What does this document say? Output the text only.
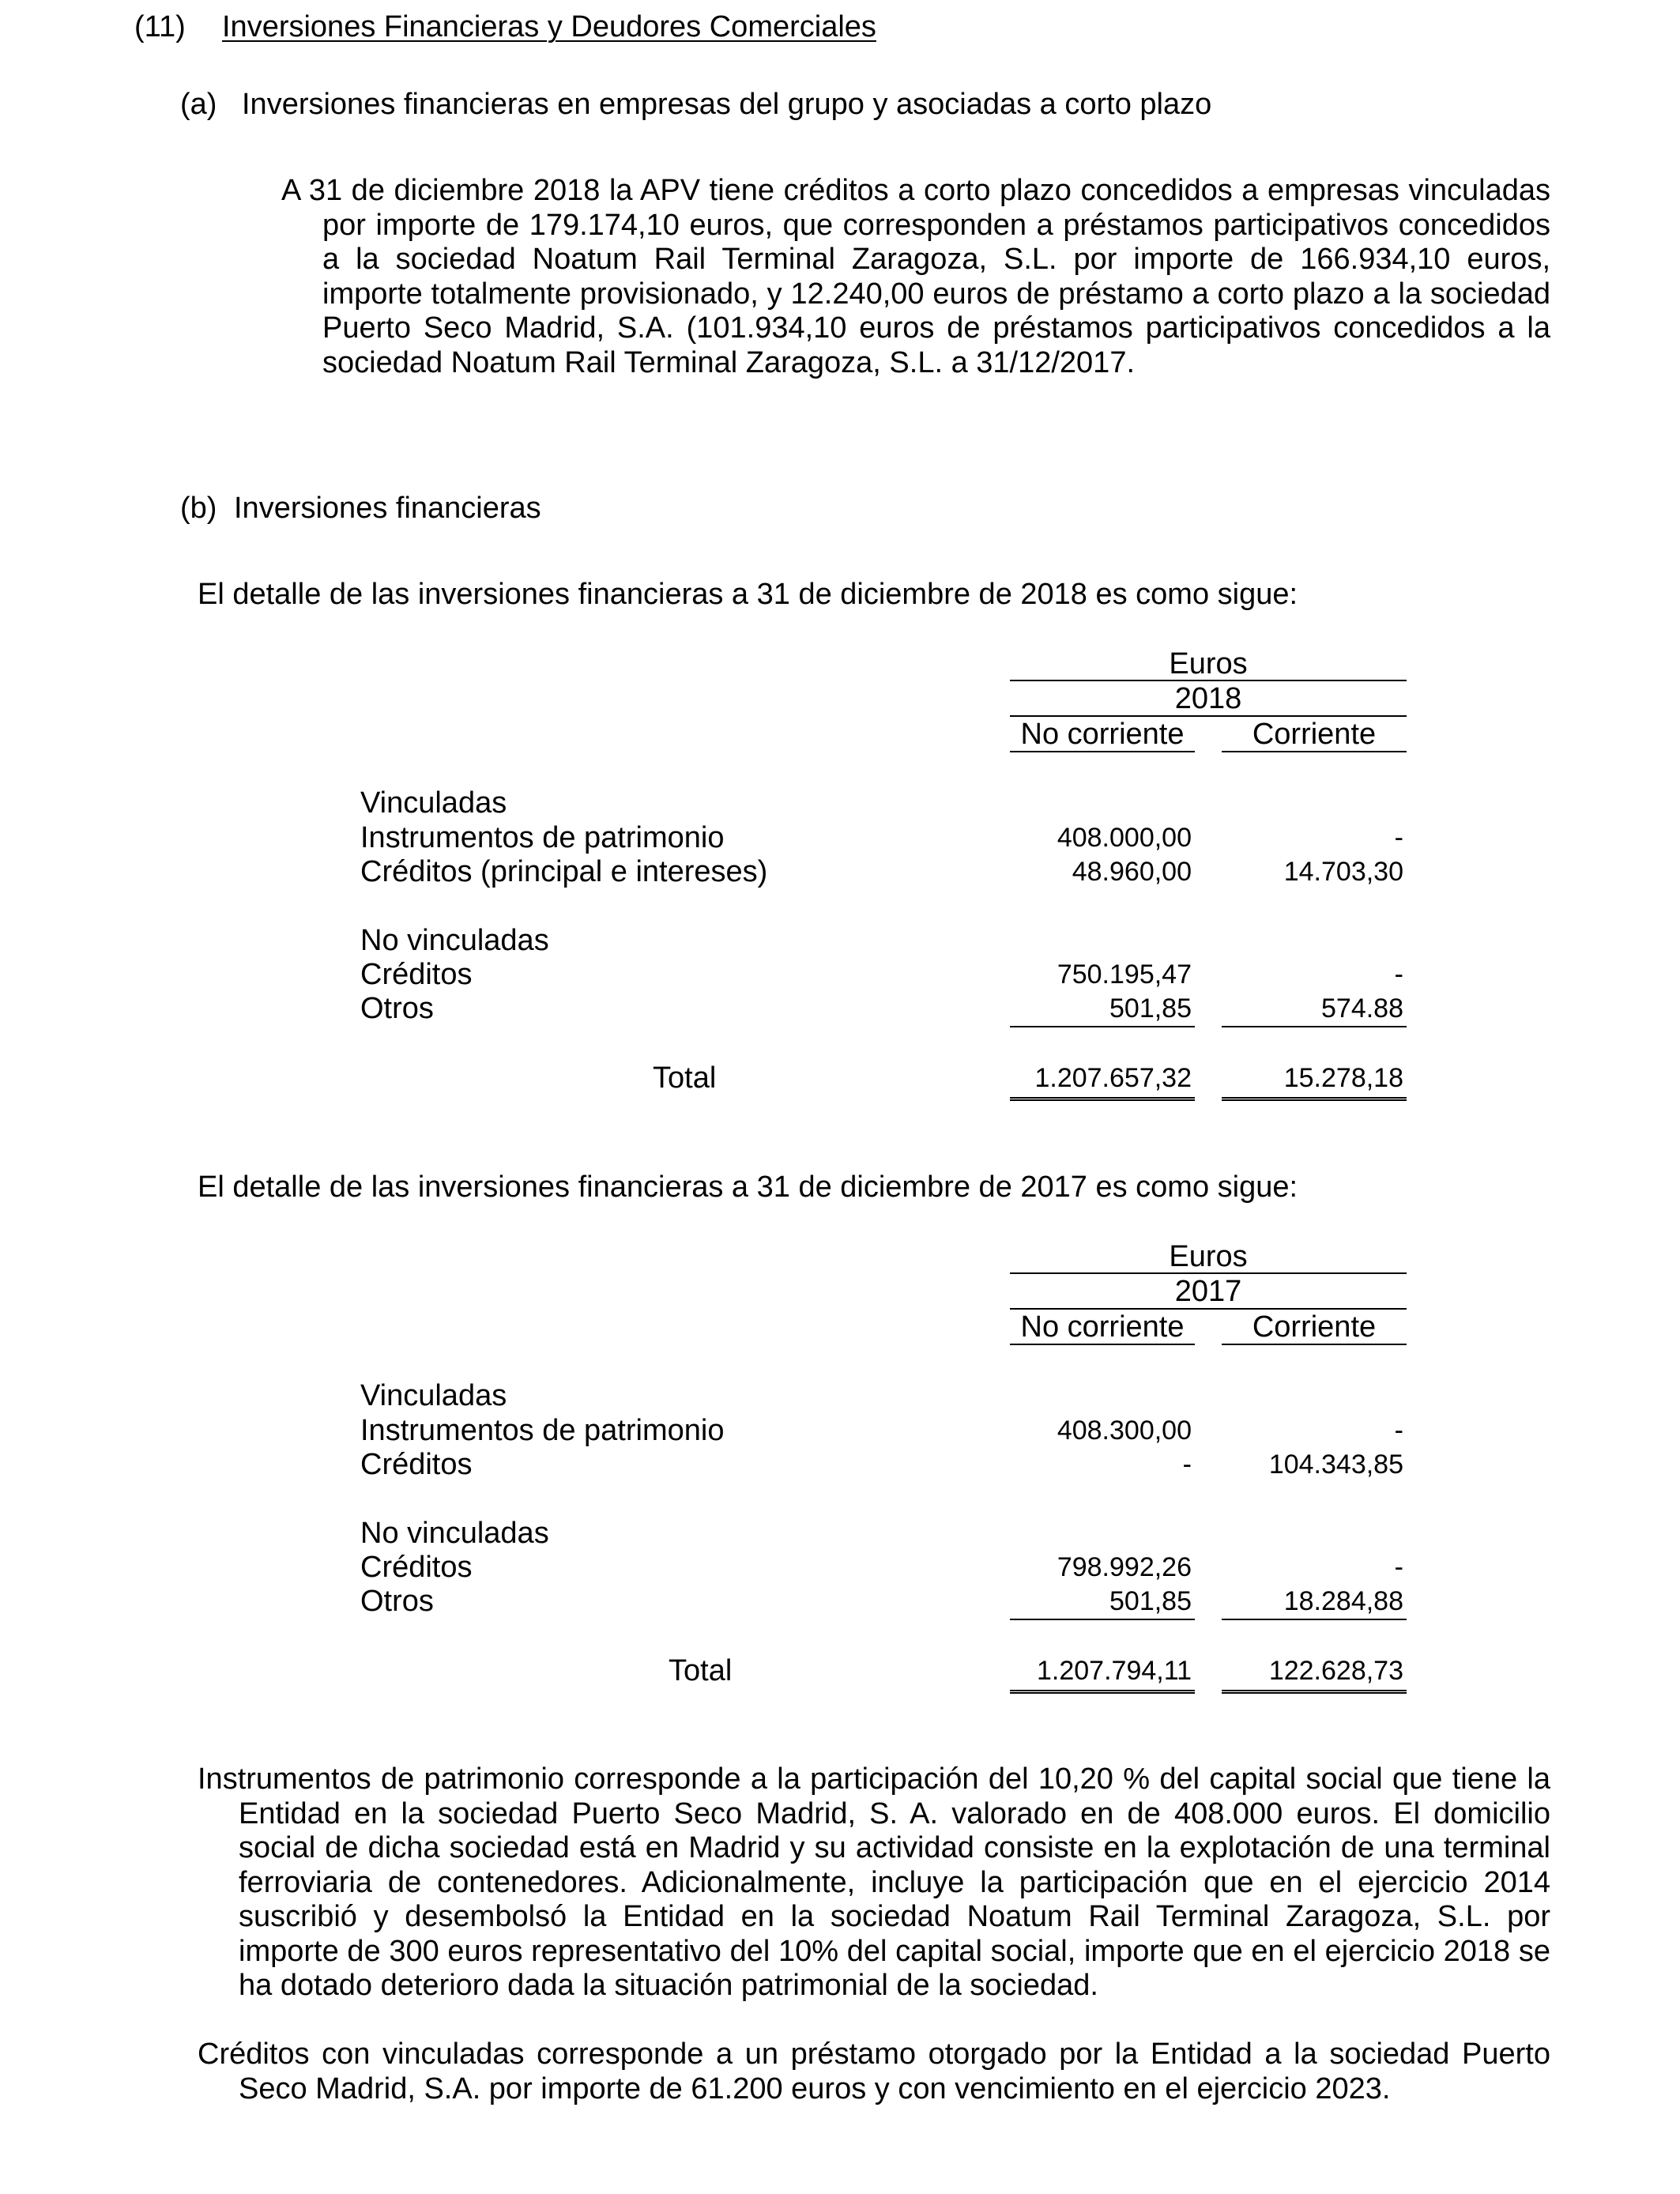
(11) Inversiones Financieras y Deudores Comerciales
(a) Inversiones financieras en empresas del grupo y asociadas a corto plazo
A 31 de diciembre 2018 la APV tiene créditos a corto plazo concedidos a empresas vinculadas por importe de 179.174,10 euros, que corresponden a préstamos participativos concedidos a la sociedad Noatum Rail Terminal Zaragoza, S.L. por importe de 166.934,10 euros, importe totalmente provisionado, y 12.240,00 euros de préstamo a corto plazo a la sociedad Puerto Seco Madrid, S.A. (101.934,10 euros de préstamos participativos concedidos a la sociedad Noatum Rail Terminal Zaragoza, S.L. a 31/12/2017.
(b) Inversiones financieras
El detalle de las inversiones financieras a 31 de diciembre de 2018 es como sigue:
Euros
2018
No corriente	Corriente
Vinculadas
Instrumentos de patrimonio	408.000,00	-
Créditos (principal e intereses)	48.960,00	14.703,30
No vinculadas
Créditos	750.195,47	-
Otros	501,85	574.88
Total	1.207.657,32	15.278,18
El detalle de las inversiones financieras a 31 de diciembre de 2017 es como sigue:
Euros
2017
No corriente	Corriente
Vinculadas
Instrumentos de patrimonio	408.300,00	-
Créditos	-	104.343,85
No vinculadas
Créditos	798.992,26	-
Otros	501,85	18.284,88
Total	1.207.794,11	122.628,73
Instrumentos de patrimonio corresponde a la participación del 10,20 % del capital social que tiene la Entidad en la sociedad Puerto Seco Madrid, S. A. valorado en de 408.000 euros. El domicilio social de dicha sociedad está en Madrid y su actividad consiste en la explotación de una terminal ferroviaria de contenedores. Adicionalmente, incluye la participación que en el ejercicio 2014 suscribió y desembolsó la Entidad en la sociedad Noatum Rail Terminal Zaragoza, S.L. por importe de 300 euros representativo del 10% del capital social, importe que en el ejercicio 2018 se ha dotado deterioro dada la situación patrimonial de la sociedad.
Créditos con vinculadas corresponde a un préstamo otorgado por la Entidad a la sociedad Puerto Seco Madrid, S.A. por importe de 61.200 euros y con vencimiento en el ejercicio 2023.
